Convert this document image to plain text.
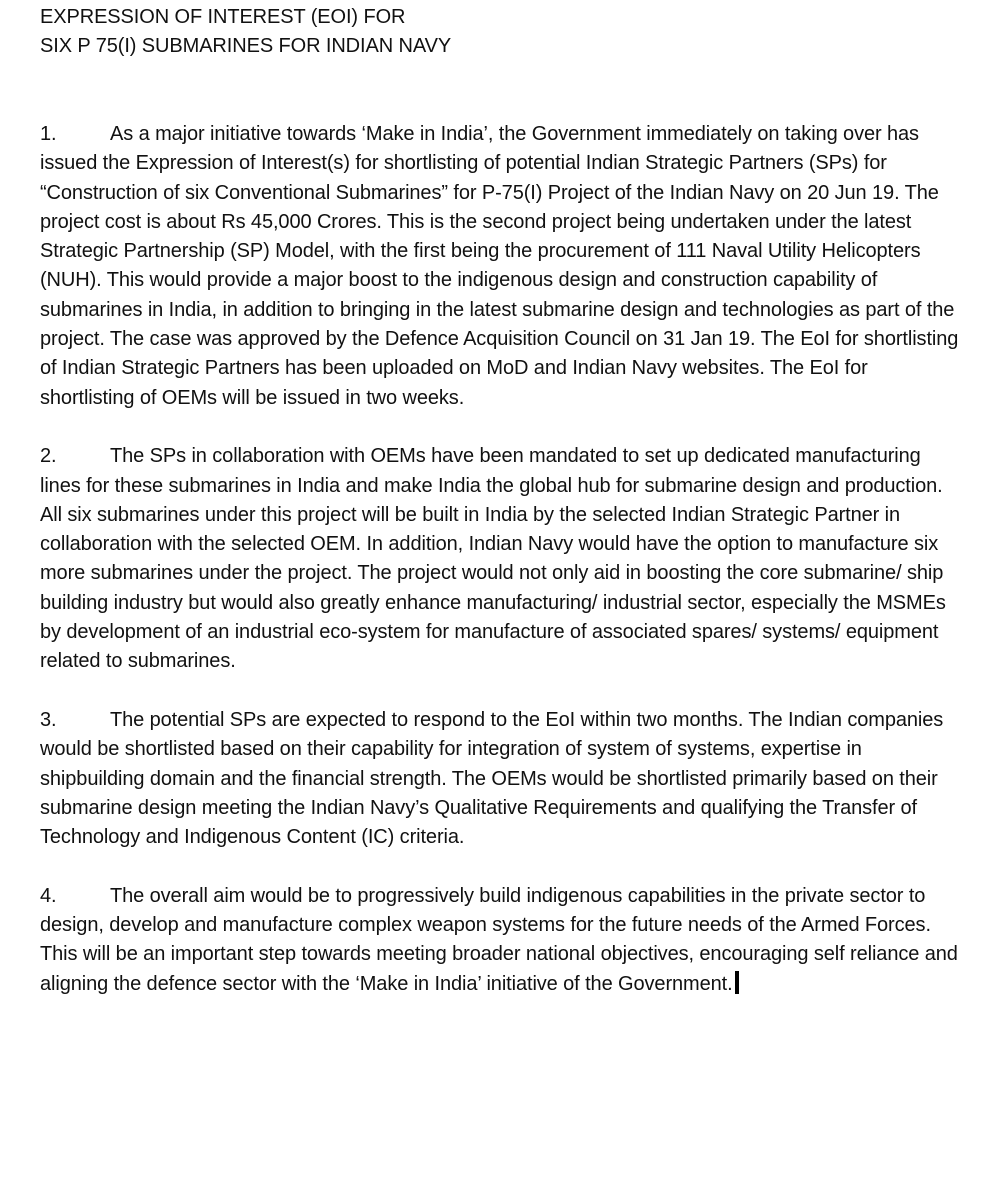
EXPRESSION OF INTEREST (EOI) FOR
SIX P 75(I) SUBMARINES FOR INDIAN NAVY

1.	As a major initiative towards ‘Make in India’, the Government immediately on taking over has issued the Expression of Interest(s) for shortlisting of potential Indian Strategic Partners (SPs) for “Construction of six Conventional Submarines” for P-75(I) Project of the Indian Navy on 20 Jun 19. The project cost is about Rs 45,000 Crores. This is the second project being undertaken under the latest Strategic Partnership (SP) Model, with the first being the procurement of 111 Naval Utility Helicopters (NUH). This would provide a major boost to the indigenous design and construction capability of submarines in India, in addition to bringing in the latest submarine design and technologies as part of the project. The case was approved by the Defence Acquisition Council on 31 Jan 19. The EoI for shortlisting of Indian Strategic Partners has been uploaded on MoD and Indian Navy websites. The EoI for shortlisting of OEMs will be issued in two weeks.

2.	The SPs in collaboration with OEMs have been mandated to set up dedicated manufacturing lines for these submarines in India and make India the global hub for submarine design and production. All six submarines under this project will be built in India by the selected Indian Strategic Partner in collaboration with the selected OEM. In addition, Indian Navy would have the option to manufacture six more submarines under the project. The project would not only aid in boosting the core submarine/ ship building industry but would also greatly enhance manufacturing/ industrial sector, especially the MSMEs by development of an industrial eco-system for manufacture of associated spares/ systems/ equipment related to submarines.

3.	The potential SPs are expected to respond to the EoI within two months. The Indian companies would be shortlisted based on their capability for integration of system of systems, expertise in shipbuilding domain and the financial strength. The OEMs would be shortlisted primarily based on their submarine design meeting the Indian Navy’s Qualitative Requirements and qualifying the Transfer of Technology and Indigenous Content (IC) criteria.

4.	The overall aim would be to progressively build indigenous capabilities in the private sector to design, develop and manufacture complex weapon systems for the future needs of the Armed Forces. This will be an important step towards meeting broader national objectives, encouraging self reliance and aligning the defence sector with the ‘Make in India’ initiative of the Government.
